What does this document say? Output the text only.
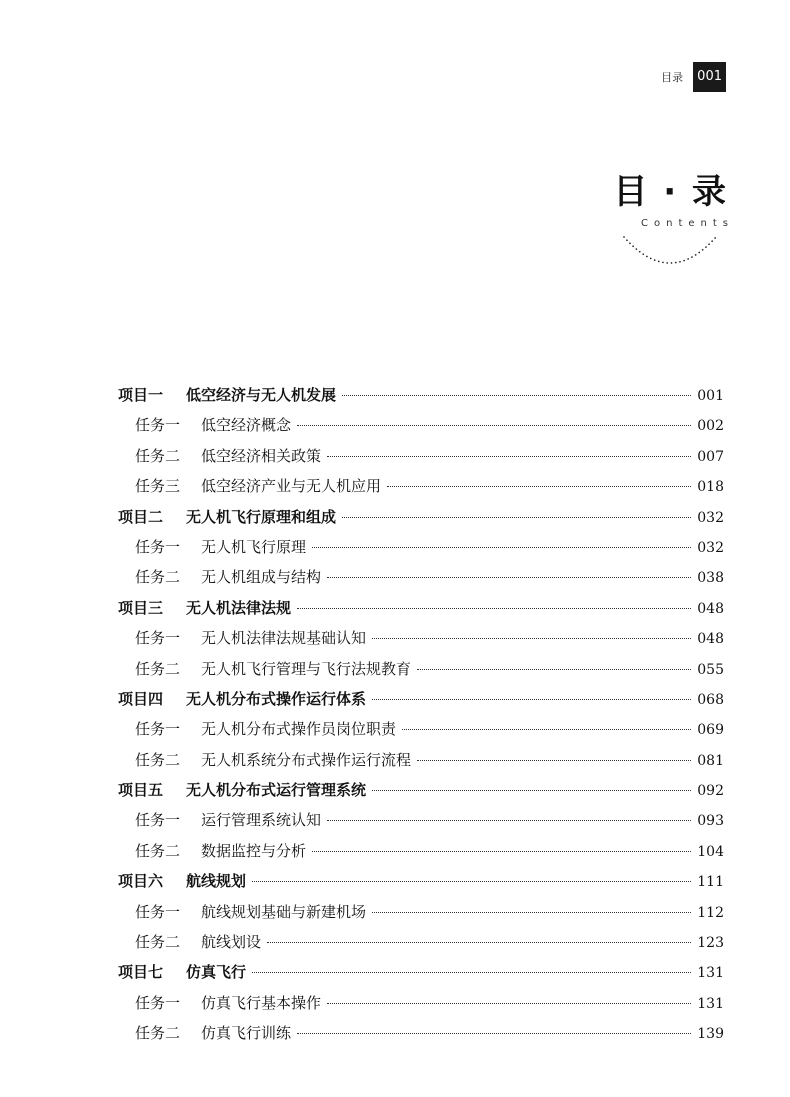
目录	001
目 · 录
Contents
项目一	低空经济与无人机发展	001
任务一	低空经济概念	002
任务二	低空经济相关政策	007
任务三	低空经济产业与无人机应用	018
项目二	无人机飞行原理和组成	032
任务一	无人机飞行原理	032
任务二	无人机组成与结构	038
项目三	无人机法律法规	048
任务一	无人机法律法规基础认知	048
任务二	无人机飞行管理与飞行法规教育	055
项目四	无人机分布式操作运行体系	068
任务一	无人机分布式操作员岗位职责	069
任务二	无人机系统分布式操作运行流程	081
项目五	无人机分布式运行管理系统	092
任务一	运行管理系统认知	093
任务二	数据监控与分析	104
项目六	航线规划	111
任务一	航线规划基础与新建机场	112
任务二	航线划设	123
项目七	仿真飞行	131
任务一	仿真飞行基本操作	131
任务二	仿真飞行训练	139
